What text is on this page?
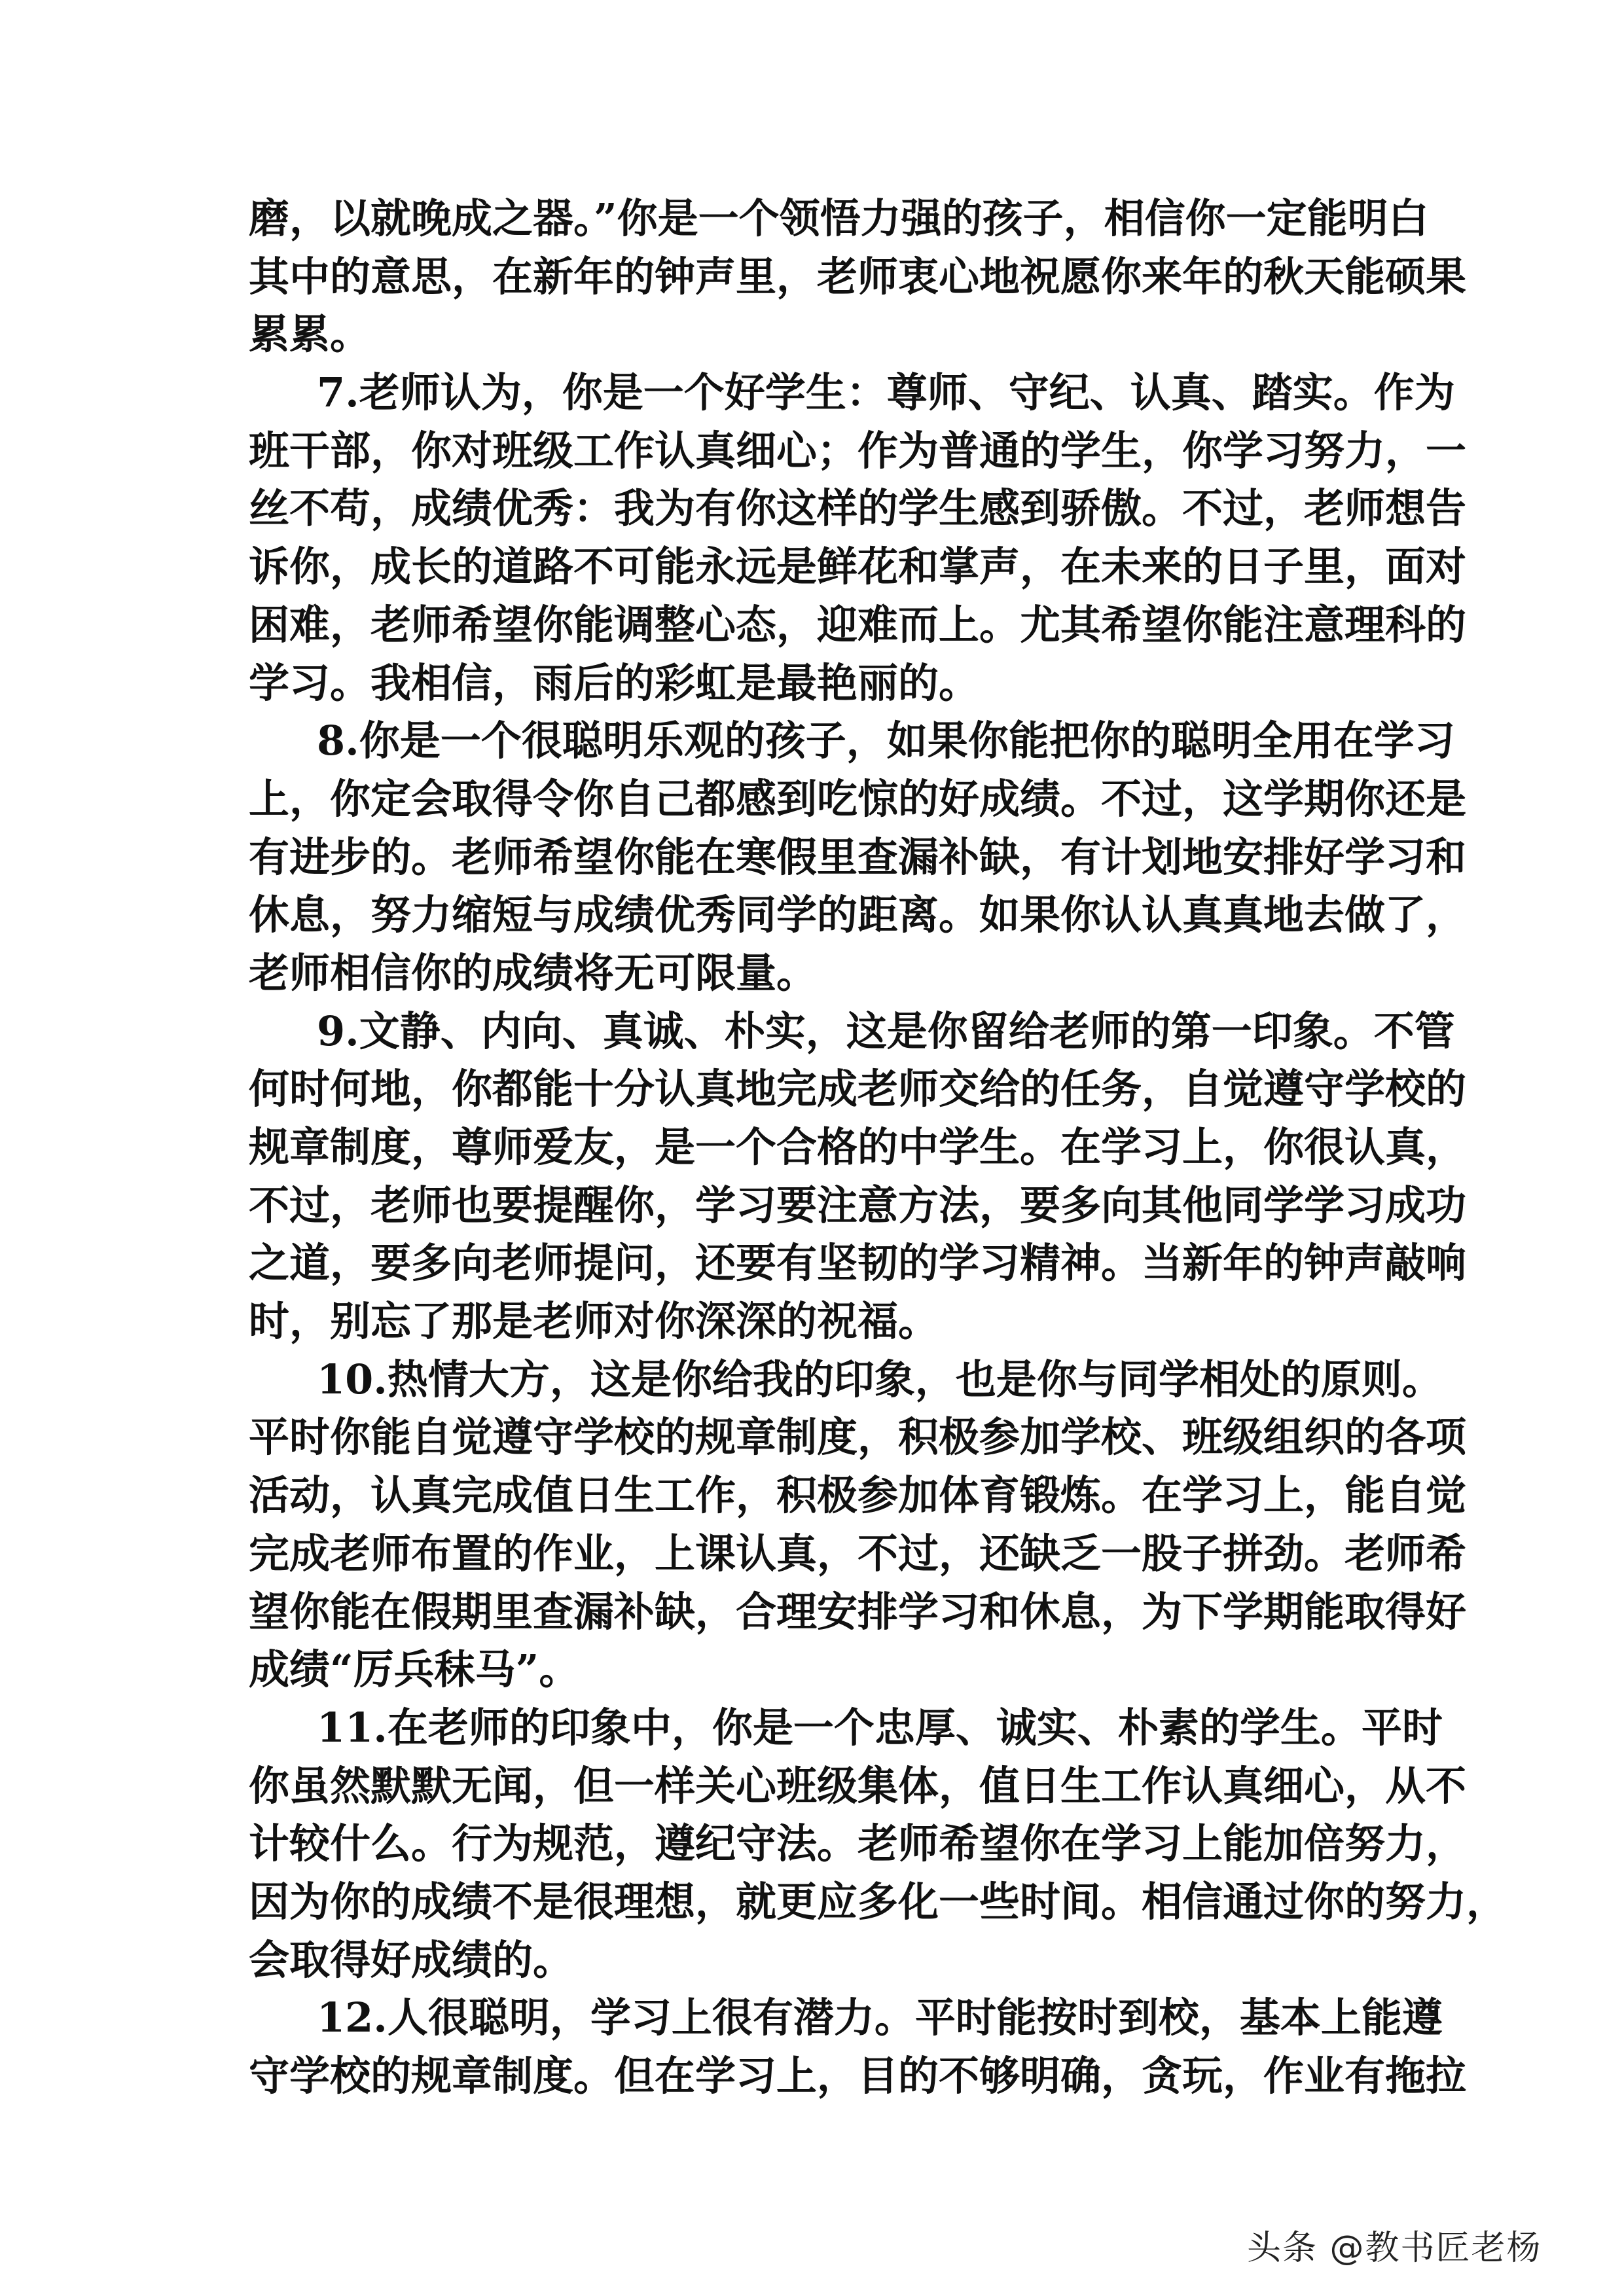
磨，以就晚成之器。”你是一个领悟力强的孩子，相信你一定能明白
其中的意思，在新年的钟声里，老师衷心地祝愿你来年的秋天能硕果
累累。
7.老师认为，你是一个好学生：尊师、守纪、认真、踏实。作为
班干部，你对班级工作认真细心；作为普通的学生，你学习努力，一
丝不苟，成绩优秀：我为有你这样的学生感到骄傲。不过，老师想告
诉你，成长的道路不可能永远是鲜花和掌声，在未来的日子里，面对
困难，老师希望你能调整心态，迎难而上。尤其希望你能注意理科的
学习。我相信，雨后的彩虹是最艳丽的。
8.你是一个很聪明乐观的孩子，如果你能把你的聪明全用在学习
上，你定会取得令你自己都感到吃惊的好成绩。不过，这学期你还是
有进步的。老师希望你能在寒假里查漏补缺，有计划地安排好学习和
休息，努力缩短与成绩优秀同学的距离。如果你认认真真地去做了，
老师相信你的成绩将无可限量。
9.文静、内向、真诚、朴实，这是你留给老师的第一印象。不管
何时何地，你都能十分认真地完成老师交给的任务，自觉遵守学校的
规章制度，尊师爱友，是一个合格的中学生。在学习上，你很认真，
不过，老师也要提醒你，学习要注意方法，要多向其他同学学习成功
之道，要多向老师提问，还要有坚韧的学习精神。当新年的钟声敲响
时，别忘了那是老师对你深深的祝福。
10.热情大方，这是你给我的印象，也是你与同学相处的原则。
平时你能自觉遵守学校的规章制度，积极参加学校、班级组织的各项
活动，认真完成值日生工作，积极参加体育锻炼。在学习上，能自觉
完成老师布置的作业，上课认真，不过，还缺乏一股子拼劲。老师希
望你能在假期里查漏补缺，合理安排学习和休息，为下学期能取得好
成绩“厉兵秣马”。
11.在老师的印象中，你是一个忠厚、诚实、朴素的学生。平时
你虽然默默无闻，但一样关心班级集体，值日生工作认真细心，从不
计较什么。行为规范，遵纪守法。老师希望你在学习上能加倍努力，
因为你的成绩不是很理想，就更应多化一些时间。相信通过你的努力，
会取得好成绩的。
12.人很聪明，学习上很有潜力。平时能按时到校，基本上能遵
守学校的规章制度。但在学习上，目的不够明确，贪玩，作业有拖拉
头条 @教书匠老杨
